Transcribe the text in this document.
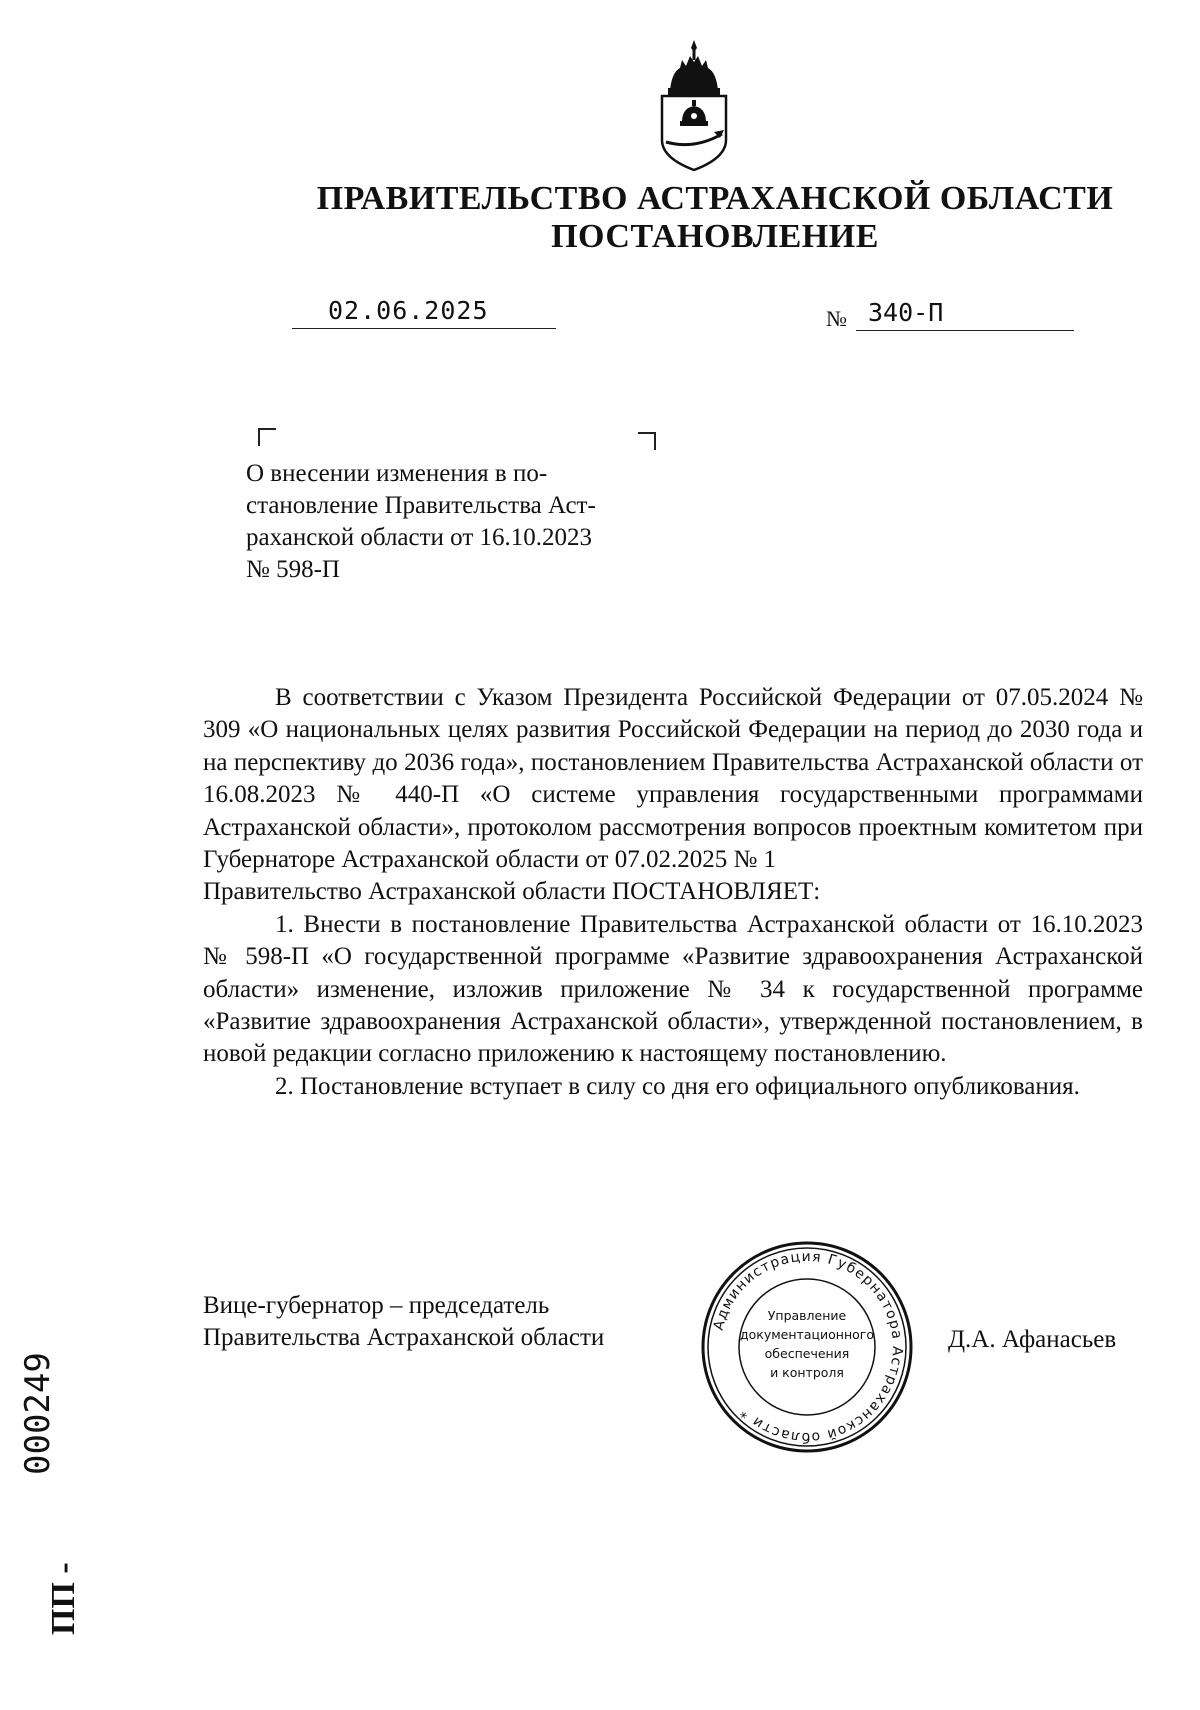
ПРАВИТЕЛЬСТВО АСТРАХАНСКОЙ ОБЛАСТИ
ПОСТАНОВЛЕНИЕ
02.06.2025	№ 340-П
О внесении изменения в по-
становление Правительства Аст-
раханской области от 16.10.2023
№ 598-П

В соответствии с Указом Президента Российской Федерации от 07.05.2024 № 309 «О национальных целях развития Российской Федерации на период до 2030 года и на перспективу до 2036 года», постановлением Правительства Астраханской области от 16.08.2023 № 440-П «О системе управления государственными программами Астраханской области», протоколом рассмотрения вопросов проектным комитетом при Губернаторе Астраханской области от 07.02.2025 № 1

Правительство Астраханской области ПОСТАНОВЛЯЕТ:

1. Внести в постановление Правительства Астраханской области от 16.10.2023 № 598-П «О государственной программе «Развитие здравоохранения Астраханской области» изменение, изложив приложение № 34 к государственной программе «Развитие здравоохранения Астраханской области», утвержденной постановлением, в новой редакции согласно приложению к настоящему постановлению.

2. Постановление вступает в силу со дня его официального опубликования.

Вице-губернатор – председатель
Правительства Астраханской области	Администрация Губернатора Астраханской области *
Управление
документационного
обеспечения
и контроля
Д.А. Афанасьев
000249
ПП -
